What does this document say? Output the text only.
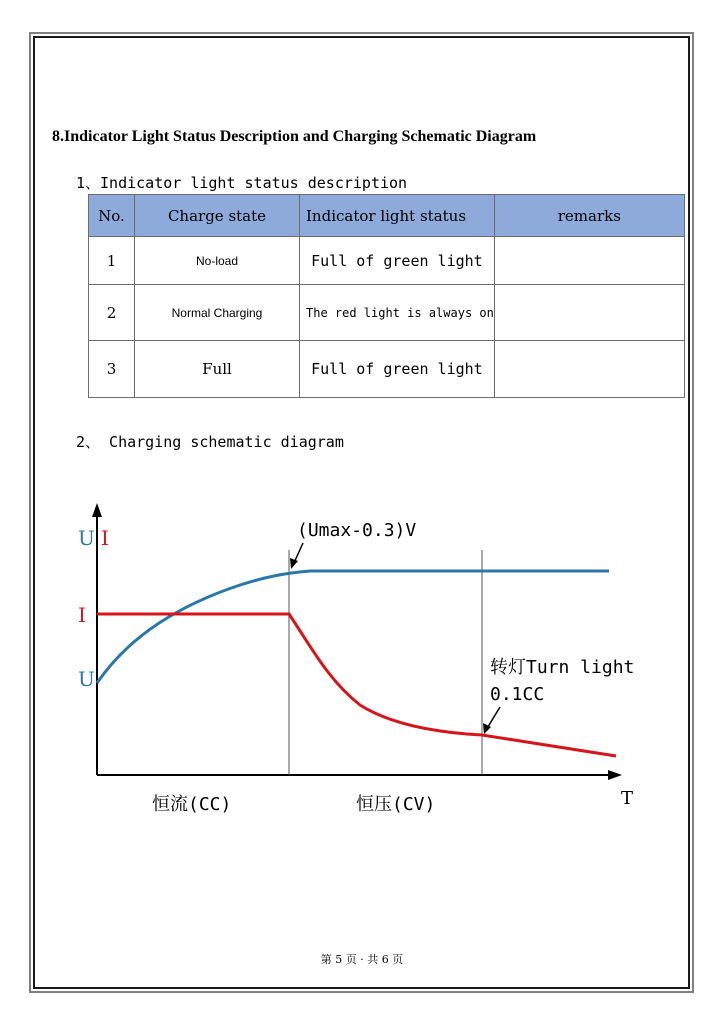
8.Indicator Light Status Description and Charging Schematic Diagram
1、Indicator light status description
No.	Charge state	Indicator light status	remarks
1	No-load	Full of green light	
2	Normal Charging	The red light is always on	
3	Full	Full of green light	
2、 Charging schematic diagram
U I
I
U
(Umax-0.3)V
转灯Turn light
0.1CC
恒流(CC)	恒压(CV)	T
第 5 页 · 共 6 页
